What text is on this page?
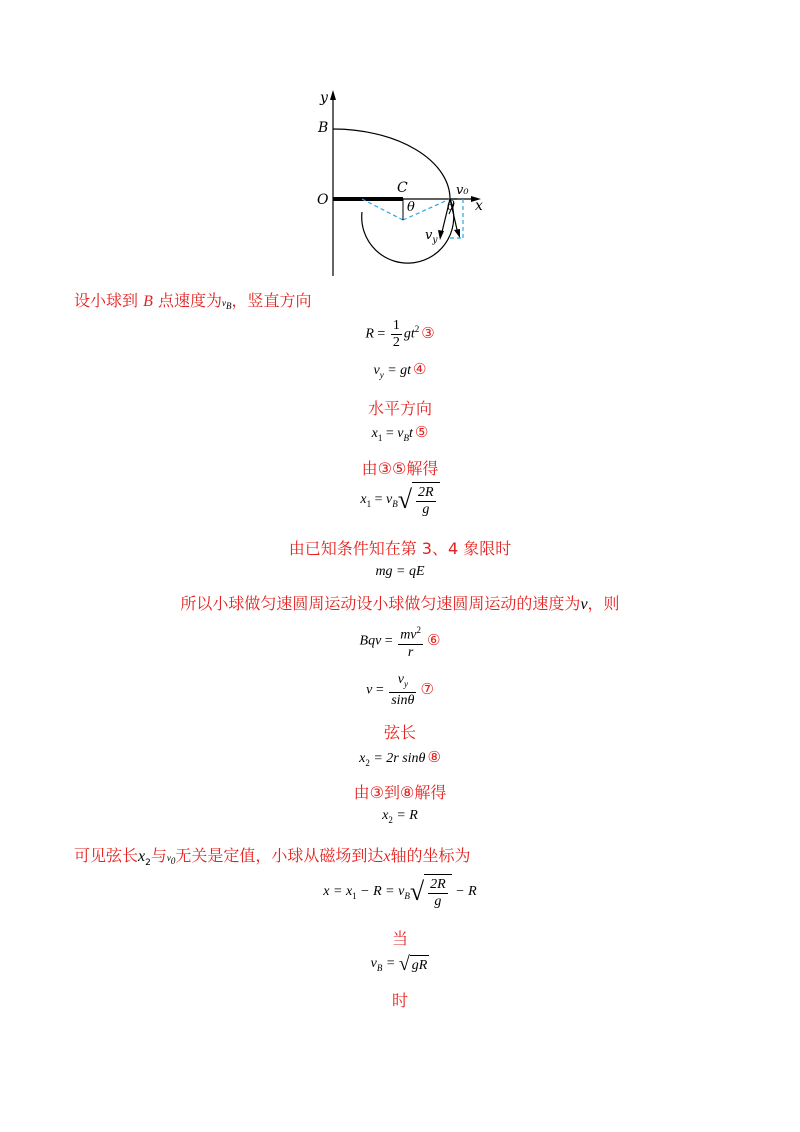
y
x
B
O
C	v₀
θ θ
$v_y$
设小球到 B 点速度为$v_B$，竖直方向
$R = \frac{1}{2} gt^2$ ③
$v_y$ = gt ④
水平方向
$x_1 = v_Bt$ ⑤
由③⑤解得
$x_1 = v_B√ \frac{2R}{g}$
由已知条件知在第 3、4 象限时
mg = qE
所以小球做匀速圆周运动设小球做匀速圆周运动的速度为v，则
Bqv = $\frac{mv^2}{r}$ ⑥
$v = \frac{v_y}{\sin\theta}$ ⑦
弦长
$x_2 = 2r$ sinθ ⑧
由③到⑧解得
$x_2 = R$
可见弦长$x_2$与$v_0$无关是定值，小球从磁场到达x轴的坐标为
$x = x_1 - R = v_B√ \frac{2R}{g} - R$
当
$v_B$ = √ gR
时
